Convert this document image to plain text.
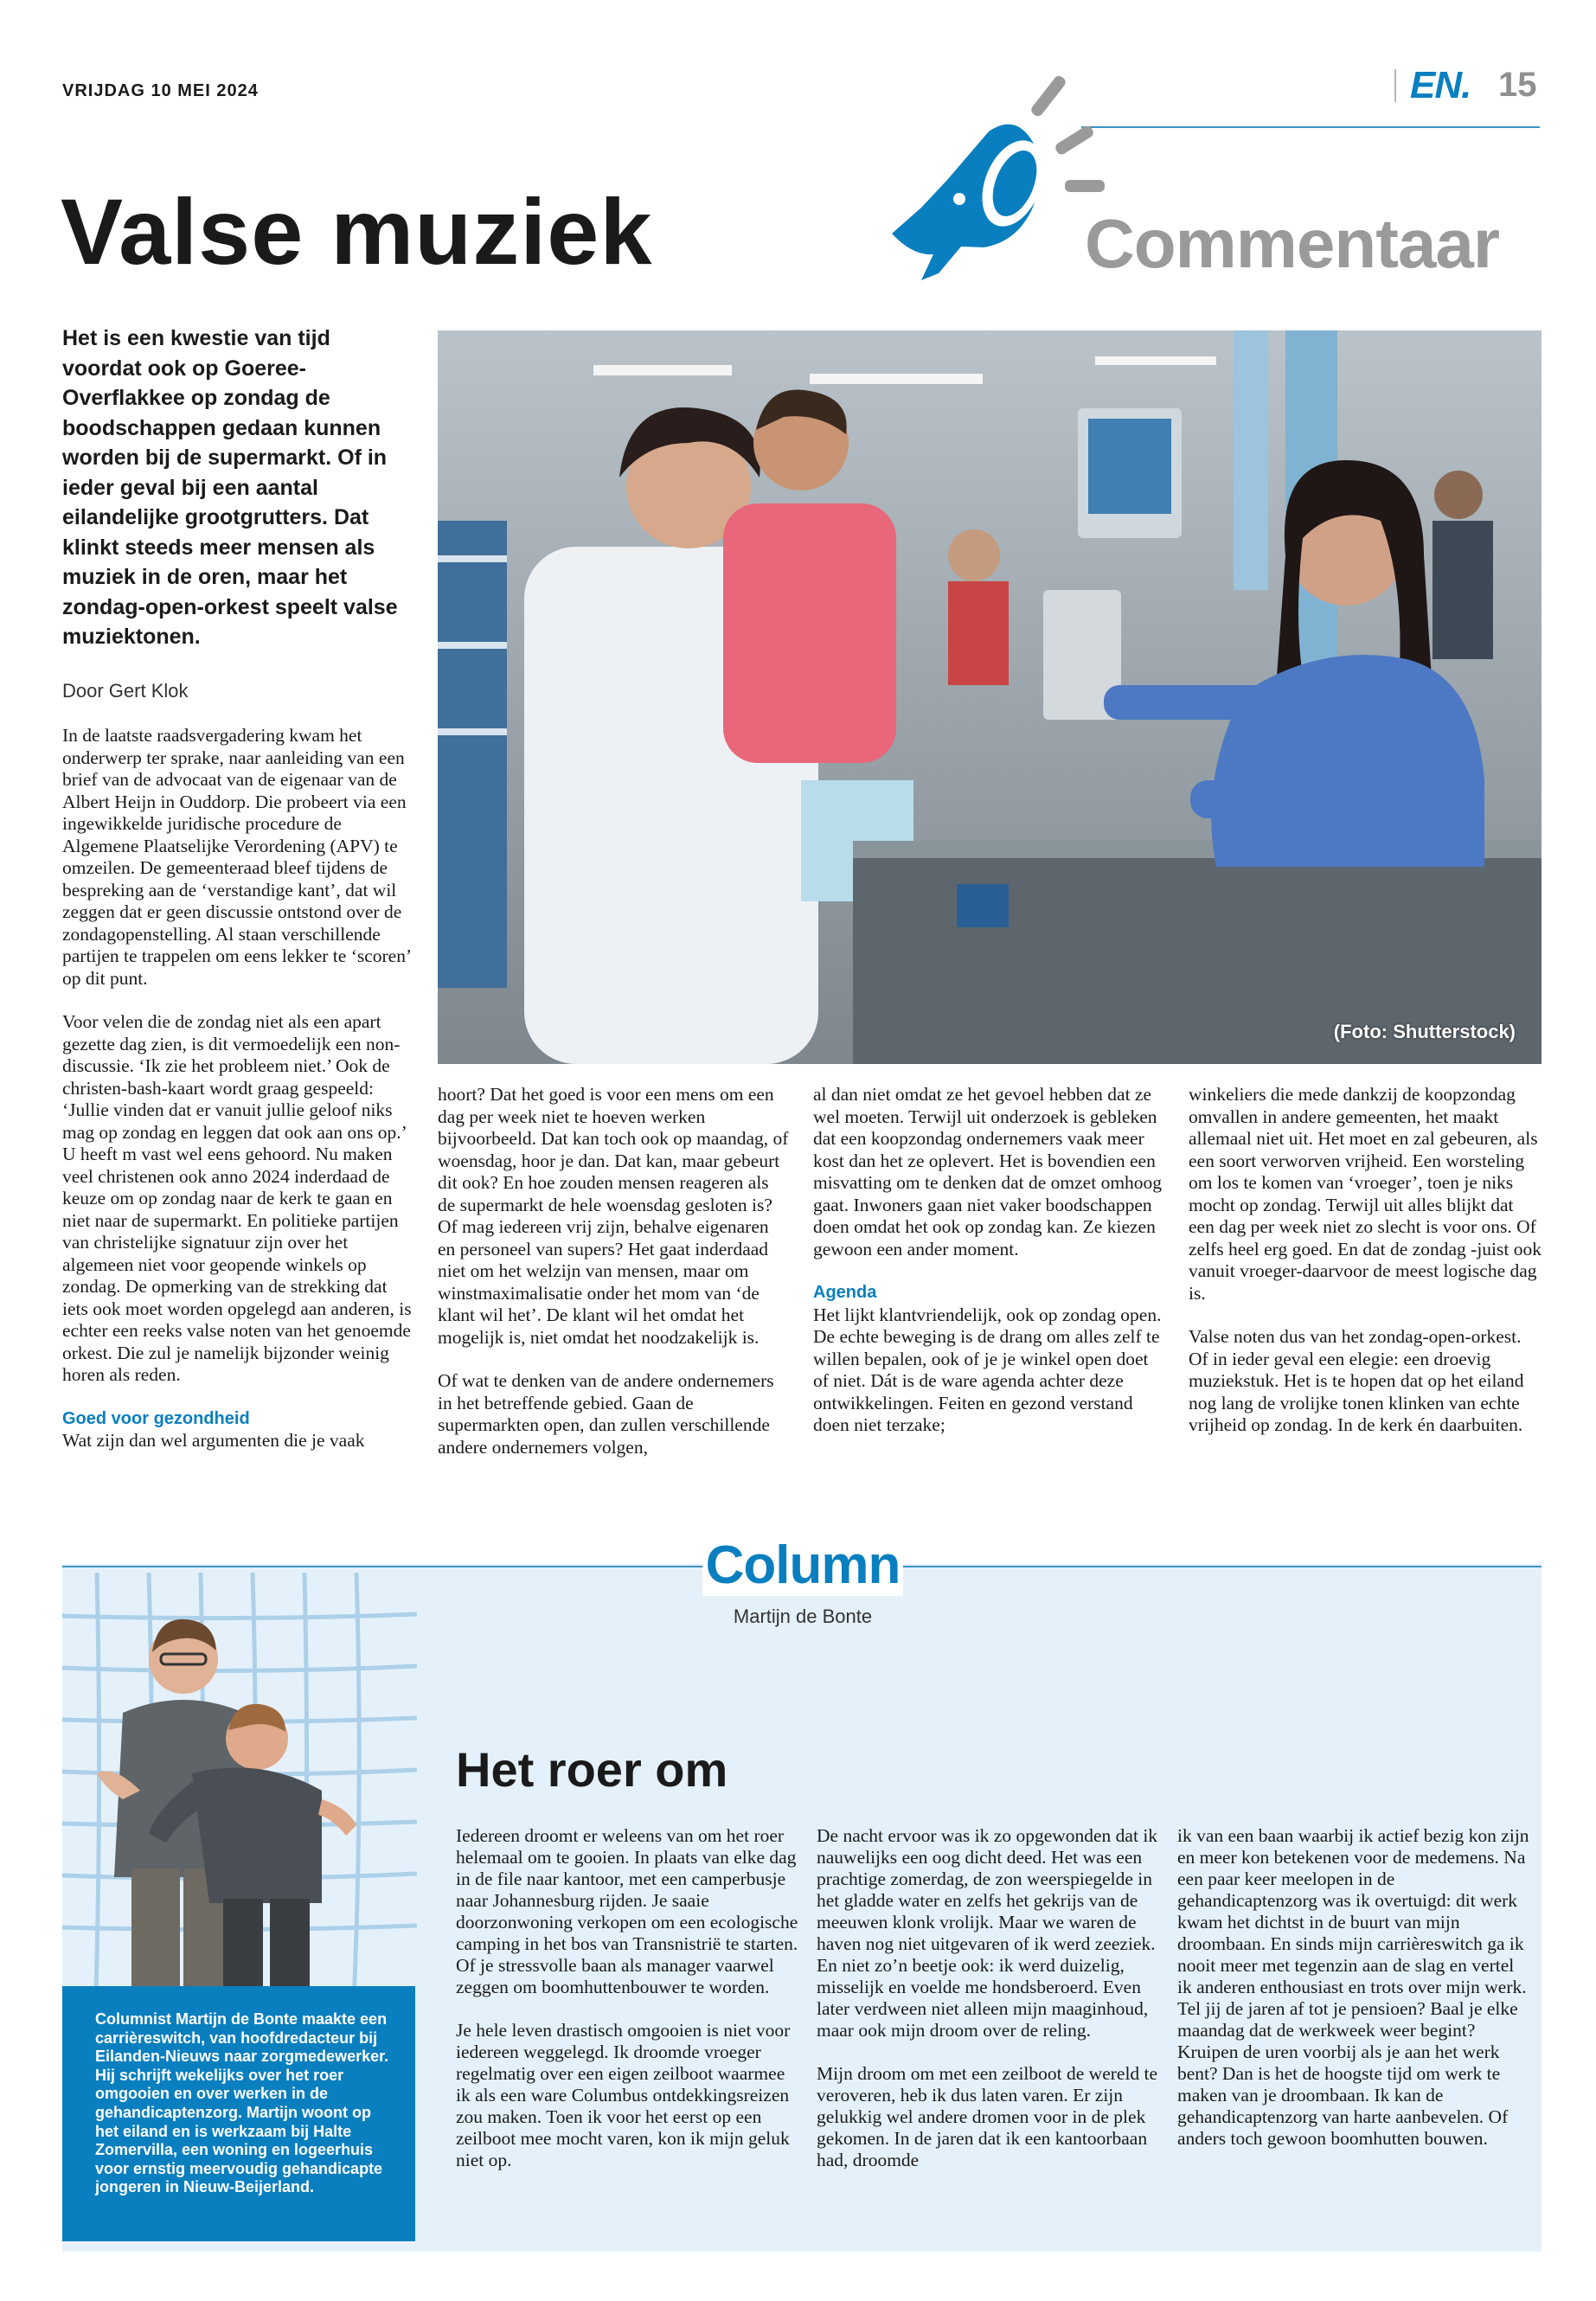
VRIJDAG 10 MEI 2024	EN. 15
Commentaar
Valse muziek

Het is een kwestie van tijd voordat ook op Goeree-Overflakkee op zondag de boodschappen gedaan kunnen worden bij de supermarkt. Of in ieder geval bij een aantal eilandelijke grootgrutters. Dat klinkt steeds meer mensen als muziek in de oren, maar het zondag-open-orkest speelt valse muziektonen.

Door Gert Klok
(Foto: Shutterstock)

In de laatste raadsvergadering kwam het onderwerp ter sprake, naar aanleiding van een brief van de advocaat van de eigenaar van de Albert Heijn in Ouddorp. Die probeert via een ingewikkelde juridische procedure de Algemene Plaatselijke Verordening (APV) te omzeilen. De gemeenteraad bleef tijdens de bespreking aan de ‘verstandige kant’, dat wil zeggen dat er geen discussie ontstond over de zondagopenstelling. Al staan verschillende partijen te trappelen om eens lekker te ‘scoren’ op dit punt.

Voor velen die de zondag niet als een apart gezette dag zien, is dit vermoedelijk een non-discussie. ‘Ik zie het probleem niet.’ Ook de christen-bash-kaart wordt graag gespeeld: ‘Jullie vinden dat er vanuit jullie geloof niks mag op zondag en leggen dat ook aan ons op.’ U heeft m vast wel eens gehoord. Nu maken veel christenen ook anno 2024 inderdaad de keuze om op zondag naar de kerk te gaan en niet naar de supermarkt. En politieke partijen van christelijke signatuur zijn over het algemeen niet voor geopende winkels op zondag. De opmerking van de strekking dat iets ook moet worden opgelegd aan anderen, is echter een reeks valse noten van het genoemde orkest. Die zul je namelijk bijzonder weinig horen als reden.

Goed voor gezondheid
Wat zijn dan wel argumenten die je vaak

hoort? Dat het goed is voor een mens om een dag per week niet te hoeven werken bijvoorbeeld. Dat kan toch ook op maandag, of woensdag, hoor je dan. Dat kan, maar gebeurt dit ook? En hoe zouden mensen reageren als de supermarkt de hele woensdag gesloten is? Of mag iedereen vrij zijn, behalve eigenaren en personeel van supers? Het gaat inderdaad niet om het welzijn van mensen, maar om winstmaximalisatie onder het mom van ‘de klant wil het’. De klant wil het omdat het mogelijk is, niet omdat het noodzakelijk is.

Of wat te denken van de andere ondernemers in het betreffende gebied. Gaan de supermarkten open, dan zullen verschillende andere ondernemers volgen,

al dan niet omdat ze het gevoel hebben dat ze wel moeten. Terwijl uit onderzoek is gebleken dat een koopzondag ondernemers vaak meer kost dan het ze oplevert. Het is bovendien een misvatting om te denken dat de omzet omhoog gaat. Inwoners gaan niet vaker boodschappen doen omdat het ook op zondag kan. Ze kiezen gewoon een ander moment.

Agenda
Het lijkt klantvriendelijk, ook op zondag open. De echte beweging is de drang om alles zelf te willen bepalen, ook of je je winkel open doet of niet. Dát is de ware agenda achter deze ontwikkelingen. Feiten en gezond verstand doen niet terzake;

winkeliers die mede dankzij de koopzondag omvallen in andere gemeenten, het maakt allemaal niet uit. Het moet en zal gebeuren, als een soort verworven vrijheid. Een worsteling om los te komen van ‘vroeger’, toen je niks mocht op zondag. Terwijl uit alles blijkt dat een dag per week niet zo slecht is voor ons. Of zelfs heel erg goed. En dat de zondag -juist ook vanuit vroeger-daarvoor de meest logische dag is.

Valse noten dus van het zondag-open-orkest. Of in ieder geval een elegie: een droevig muziekstuk. Het is te hopen dat op het eiland nog lang de vrolijke tonen klinken van echte vrijheid op zondag. In de kerk én daarbuiten.

Column
Martijn de Bonte

Columnist Martijn de Bonte maakte een carrièreswitch, van hoofdredacteur bij Eilanden-Nieuws naar zorgmedewerker. Hij schrijft wekelijks over het roer omgooien en over werken in de gehandicaptenzorg. Martijn woont op het eiland en is werkzaam bij Halte Zomervilla, een woning en logeerhuis voor ernstig meervoudig gehandicapte jongeren in Nieuw-Beijerland.

Het roer om

Iedereen droomt er weleens van om het roer helemaal om te gooien. In plaats van elke dag in de file naar kantoor, met een camperbusje naar Johannesburg rijden. Je saaie doorzonwoning verkopen om een ecologische camping in het bos van Transnistrië te starten. Of je stressvolle baan als manager vaarwel zeggen om boomhuttenbouwer te worden.

Je hele leven drastisch omgooien is niet voor iedereen weggelegd. Ik droomde vroeger regelmatig over een eigen zeilboot waarmee ik als een ware Columbus ontdekkingsreizen zou maken. Toen ik voor het eerst op een zeilboot mee mocht varen, kon ik mijn geluk niet op.

De nacht ervoor was ik zo opgewonden dat ik nauwelijks een oog dicht deed. Het was een prachtige zomerdag, de zon weerspiegelde in het gladde water en zelfs het gekrijs van de meeuwen klonk vrolijk. Maar we waren de haven nog niet uitgevaren of ik werd zeeziek. En niet zo’n beetje ook: ik werd duizelig, misselijk en voelde me hondsberoerd. Even later verdween niet alleen mijn maaginhoud, maar ook mijn droom over de reling.

Mijn droom om met een zeilboot de wereld te veroveren, heb ik dus laten varen. Er zijn gelukkig wel andere dromen voor in de plek gekomen. In de jaren dat ik een kantoorbaan had, droomde

ik van een baan waarbij ik actief bezig kon zijn en meer kon betekenen voor de medemens. Na een paar keer meelopen in de gehandicaptenzorg was ik overtuigd: dit werk kwam het dichtst in de buurt van mijn droombaan. En sinds mijn carrièreswitch ga ik nooit meer met tegenzin aan de slag en vertel ik anderen enthousiast en trots over mijn werk. Tel jij de jaren af tot je pensioen? Baal je elke maandag dat de werkweek weer begint? Kruipen de uren voorbij als je aan het werk bent? Dan is het de hoogste tijd om werk te maken van je droombaan. Ik kan de gehandicaptenzorg van harte aanbevelen. Of anders toch gewoon boomhutten bouwen.
